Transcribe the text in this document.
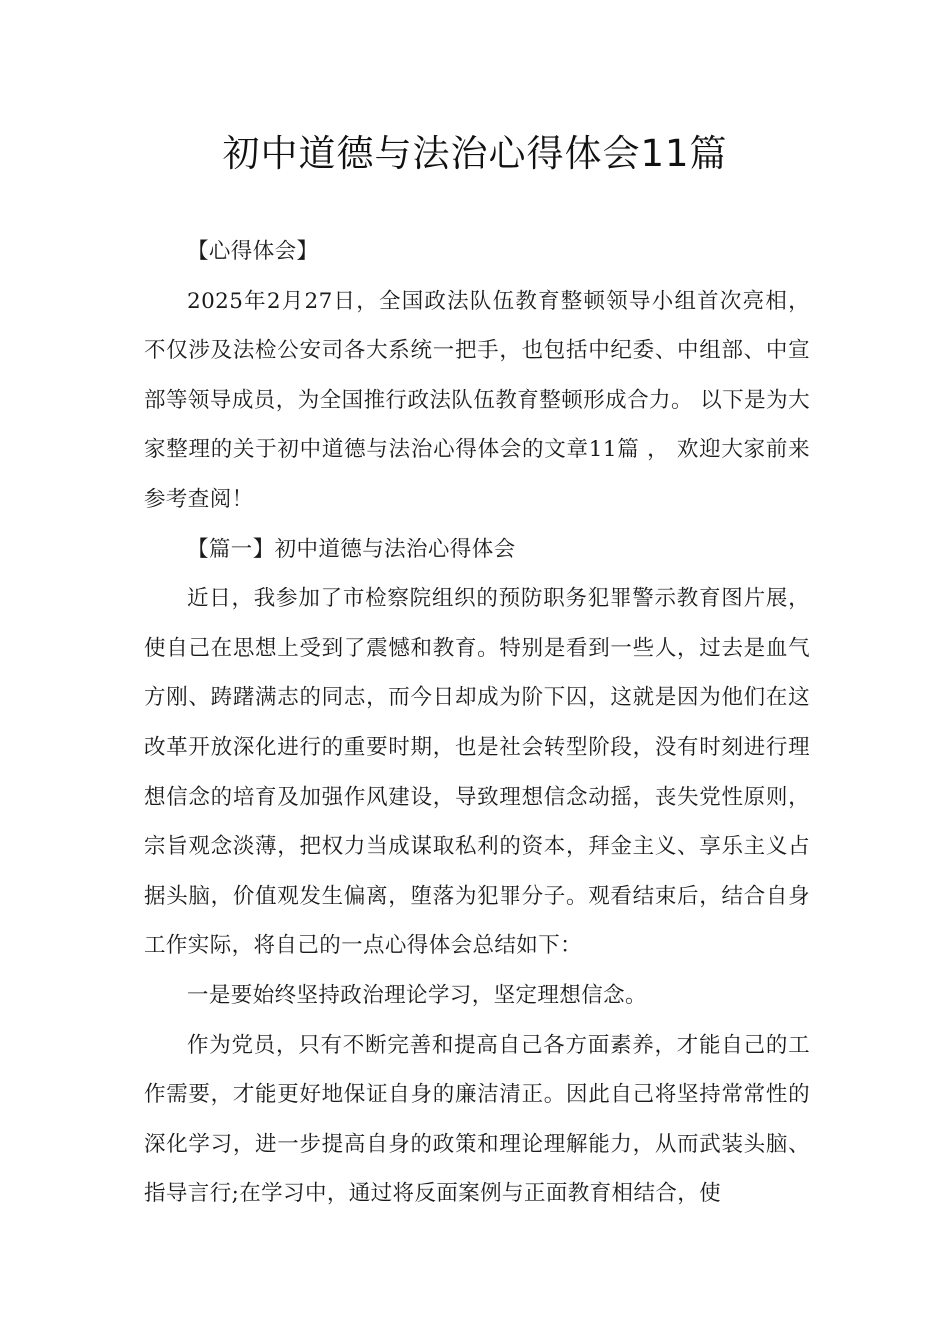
初中道德与法治心得体会11篇

【心得体会】

2025年2月27日，全国政法队伍教育整顿领导小组首次亮相，不仅涉及法检公安司各大系统一把手，也包括中纪委、中组部、中宣部等领导成员，为全国推行政法队伍教育整顿形成合力。 以下是为大家整理的关于初中道德与法治心得体会的文章11篇 ， 欢迎大家前来参考查阅！

【篇一】初中道德与法治心得体会

近日，我参加了市检察院组织的预防职务犯罪警示教育图片展，使自己在思想上受到了震憾和教育。特别是看到一些人，过去是血气方刚、踌躇满志的同志，而今日却成为阶下囚，这就是因为他们在这改革开放深化进行的重要时期，也是社会转型阶段，没有时刻进行理想信念的培育及加强作风建设，导致理想信念动摇，丧失党性原则，宗旨观念淡薄，把权力当成谋取私利的资本，拜金主义、享乐主义占据头脑，价值观发生偏离，堕落为犯罪分子。观看结束后，结合自身工作实际，将自己的一点心得体会总结如下：

一是要始终坚持政治理论学习，坚定理想信念。

作为党员，只有不断完善和提高自己各方面素养，才能自己的工作需要，才能更好地保证自身的廉洁清正。因此自己将坚持常常性的深化学习，进一步提高自身的政策和理论理解能力，从而武装头脑、指导言行;在学习中，通过将反面案例与正面教育相结合，使
